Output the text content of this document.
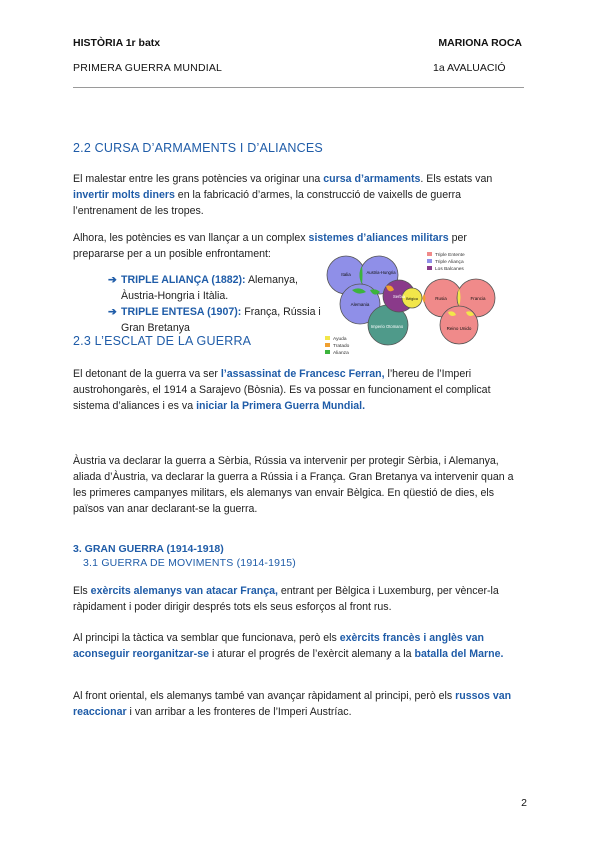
HISTÒRIA 1r batx	MARIONA ROCA
PRIMERA GUERRA MUNDIAL	1a AVALUACIÓ
2.2 CURSA D’ARMAMENTS I D’ALIANCES

El malestar entre les grans potències va originar una cursa d’armaments. Els estats van invertir molts diners en la fabricació d’armes, la construcció de vaixells de guerra l’entrenament de les tropes.

Alhora, les potències es van llançar a un complex sistemes d’aliances militars per prepararse per a un posible enfrontament:

➔ TRIPLE ALIANÇA (1882): Alemanya, Àustria-Hongria i Itàlia.
➔ TRIPLE ENTESA (1907): França, Rússia i Gran Bretanya
Triple Entente
Triple Aliança
Los Balcanes
Italia	Austria-Hungria
Alemania
Serbia Bélgica	Rusia	Francia
Reino Unido
Imperio Otomano
Ayuda
Tratado
Alianza
2.3 L’ESCLAT DE LA GUERRA

El detonant de la guerra va ser l’assassinat de Francesc Ferran, l’hereu de l’Imperi austrohongarès, el 1914 a Sarajevo (Bòsnia). Es va possar en funcionament el complicat sistema d’aliances i es va iniciar la Primera Guerra Mundial.

Àustria va declarar la guerra a Sèrbia, Rússia va intervenir per protegir Sèrbia, i Alemanya, aliada d’Àustria, va declarar la guerra a Rússia i a França. Gran Bretanya va intervenir quan a les primeres campanyes militars, els alemanys van envair Bèlgica. En qüestió de dies, els països van anar declarant-se la guerra.

3. GRAN GUERRA (1914-1918)
3.1 GUERRA DE MOVIMENTS (1914-1915)

Els exèrcits alemanys van atacar França, entrant per Bèlgica i Luxemburg, per vèncer-la ràpidament i poder dirigir després tots els seus esforços al front rus.

Al principi la tàctica va semblar que funcionava, però els exèrcits francès i anglès van aconseguir reorganitzar-se i aturar el progrés de l’exèrcit alemany a la batalla del Marne.

Al front oriental, els alemanys també van avançar ràpidament al principi, però els russos van reaccionar i van arribar a les fronteres de l’Imperi Austríac.

2
